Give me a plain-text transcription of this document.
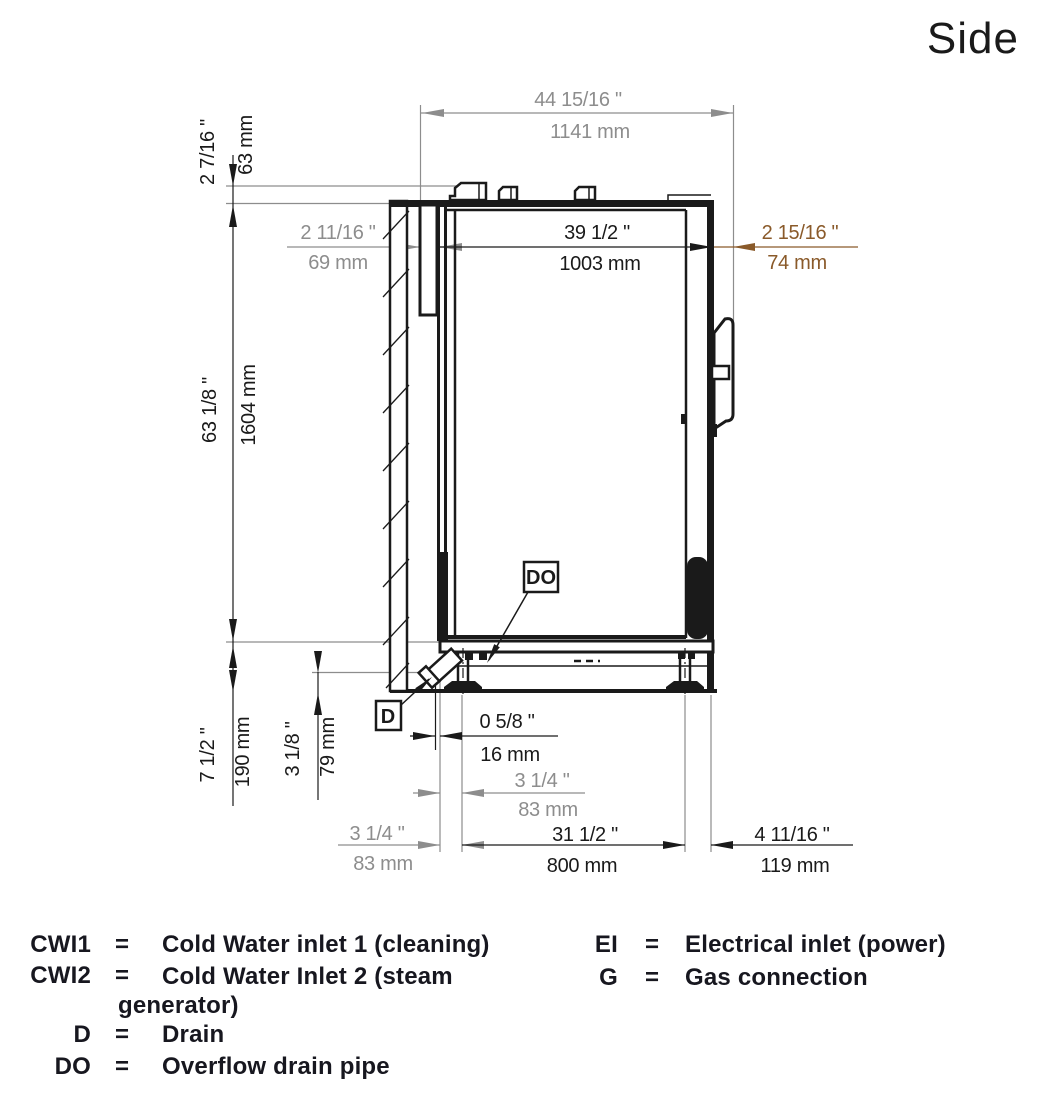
Side
DO
D
44 15/16 "
1141 mm
2 11/16 "
69 mm
39 1/2 "
1003 mm
2 15/16 "
74 mm
2 7/16 " 63 mm
63 1/8 " 1604 mm
7 1/2 " 190 mm 3 1/8 " 79 mm	0 5/8 "
16 mm
3 1/4 "
83 mm
3 1/4 "
83 mm
31 1/2 "
800 mm
4 11/16 "
119 mm
CWI1 = Cold Water inlet 1 (cleaning)
CWI2 =	Cold Water Inlet 2 (steam generator)
D = Drain
DO = Overflow drain pipe
EI = Electrical inlet (power)
G = Gas connection
